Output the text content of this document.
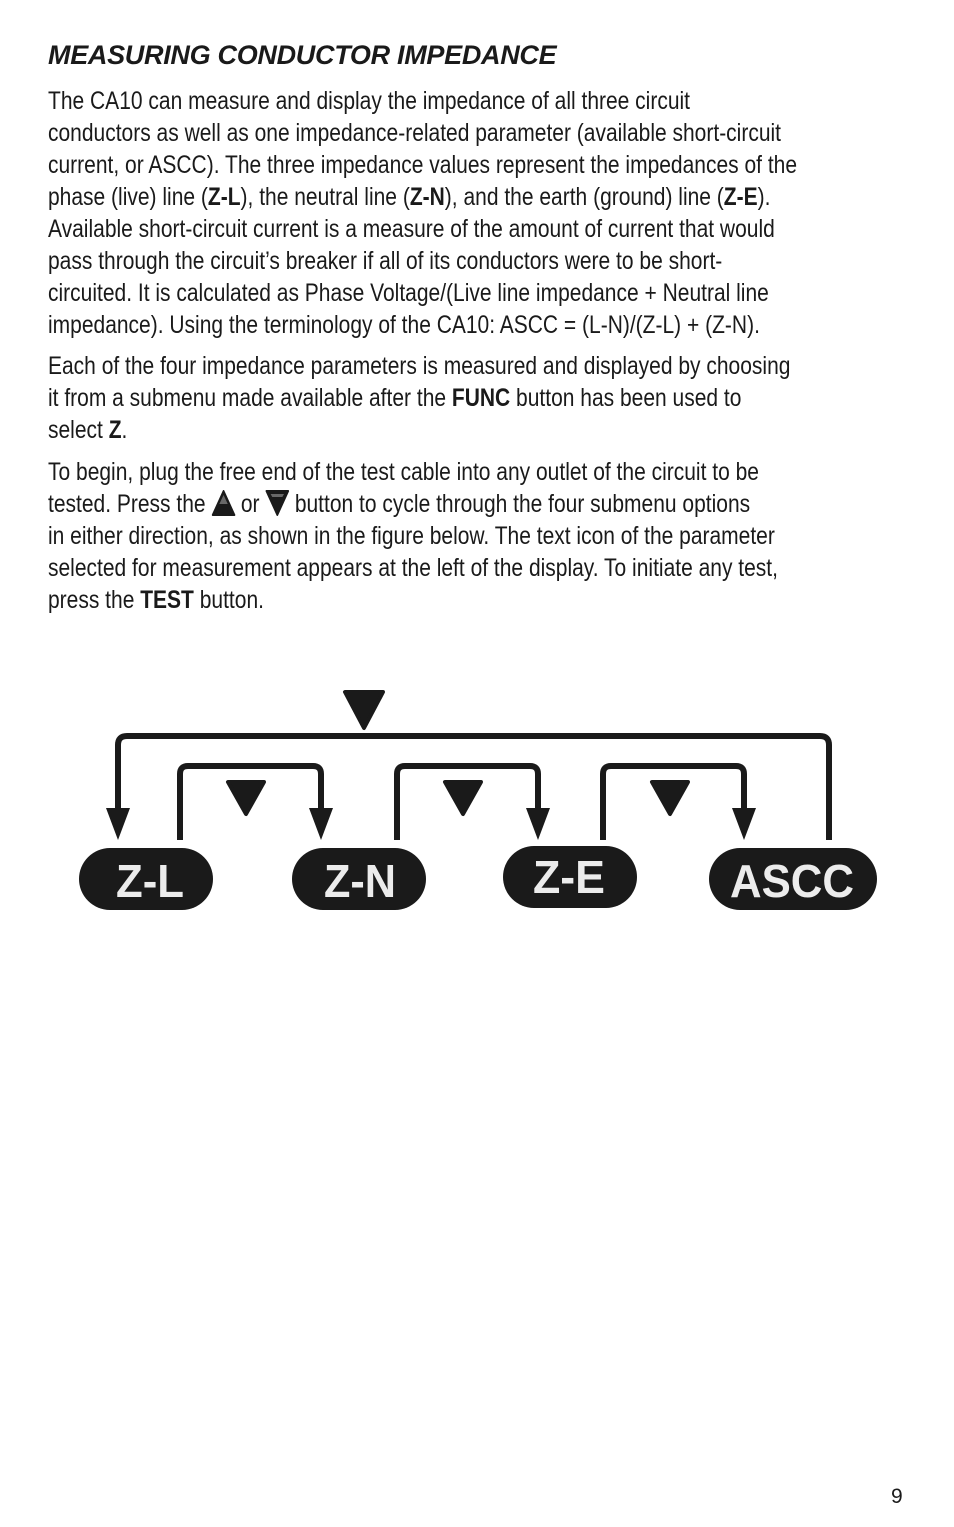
MEASURING CONDUCTOR IMPEDANCE

The CA10 can measure and display the impedance of all three circuit
conductors as well as one impedance-related parameter (available short-circuit
current, or ASCC). The three impedance values represent the impedances of the
phase (live) line (Z-L), the neutral line (Z-N), and the earth (ground) line (Z-E).
Available short-circuit current is a measure of the amount of current that would
pass through the circuit’s breaker if all of its conductors were to be short-
circuited. It is calculated as Phase Voltage/(Live line impedance + Neutral line
impedance). Using the terminology of the CA10: ASCC = (L-N)/(Z-L) + (Z-N).

Each of the four impedance parameters is measured and displayed by choosing
it from a submenu made available after the FUNC button has been used to
select Z.

To begin, plug the free end of the test cable into any outlet of the circuit to be
tested. Press the or button to cycle through the four submenu options
in either direction, as shown in the figure below. The text icon of the parameter
selected for measurement appears at the left of the display. To initiate any test,
press the TEST button.

Z-L	Z-N	Z-E	ASCC
9
